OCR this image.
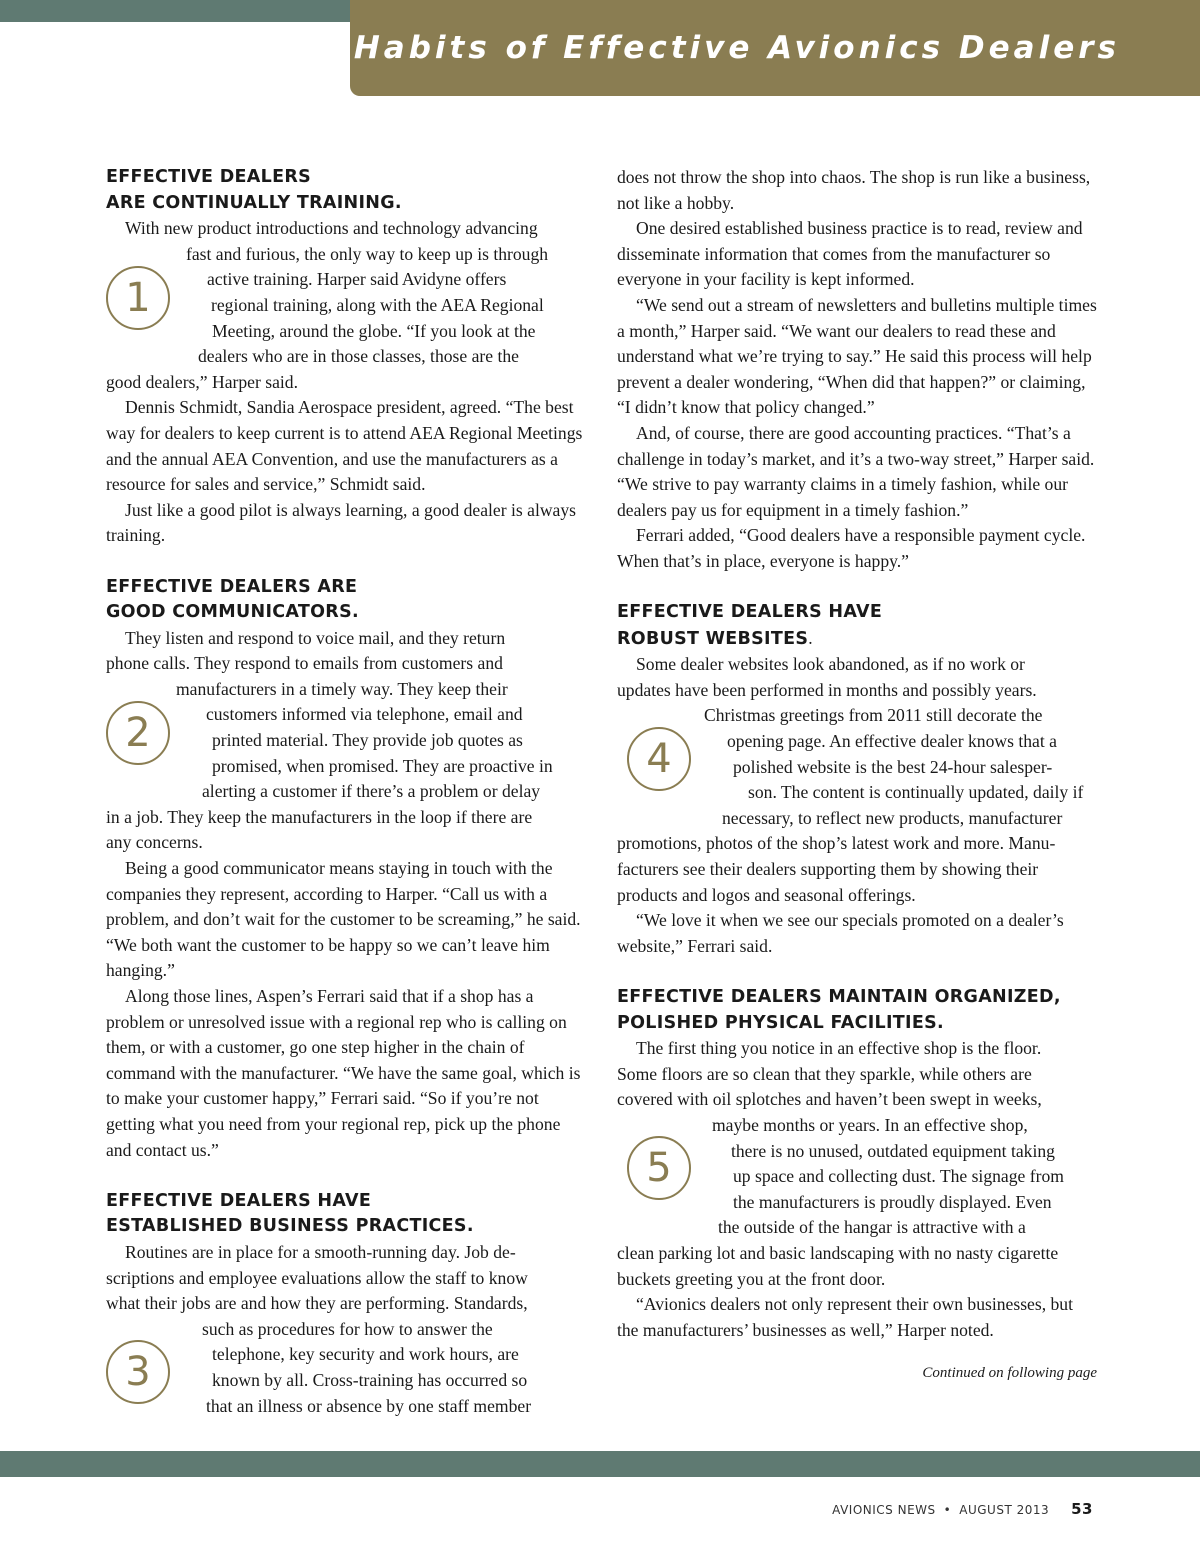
Seven Habits of Effective Avionics Dealers
EFFECTIVE DEALERS
ARE CONTINUALLY TRAINING.
1
With new product introductions and technology advancing
fast and furious, the only way to keep up is through
active training. Harper said Avidyne offers
regional training, along with the AEA Regional
Meeting, around the globe. “If you look at the
dealers who are in those classes, those are the
good dealers,” Harper said.

Dennis Schmidt, Sandia Aerospace president, agreed. “The best way for dealers to keep current is to attend AEA Regional Meetings and the annual AEA Convention, and use the manufacturers as a resource for sales and service,” Schmidt said.

Just like a good pilot is always learning, a good dealer is always training.

EFFECTIVE DEALERS ARE
GOOD COMMUNICATORS.
2
They listen and respond to voice mail, and they return
phone calls. They respond to emails from customers and
manufacturers in a timely way. They keep their
customers informed via telephone, email and
printed material. They provide job quotes as
promised, when promised. They are proactive in
alerting a customer if there’s a problem or delay
in a job. They keep the manufacturers in the loop if there are
any concerns.

Being a good communicator means staying in touch with the companies they represent, according to Harper. “Call us with a problem, and don’t wait for the customer to be screaming,” he said. “We both want the customer to be happy so we can’t leave him hanging.”

Along those lines, Aspen’s Ferrari said that if a shop has a problem or unresolved issue with a regional rep who is calling on them, or with a customer, go one step higher in the chain of command with the manufacturer. “We have the same goal, which is to make your customer happy,” Ferrari said. “So if you’re not getting what you need from your regional rep, pick up the phone and contact us.”

EFFECTIVE DEALERS HAVE
ESTABLISHED BUSINESS PRACTICES.
3
Routines are in place for a smooth-running day. Job de-
scriptions and employee evaluations allow the staff to know
what their jobs are and how they are performing. Standards,
such as procedures for how to answer the
telephone, key security and work hours, are
known by all. Cross-training has occurred so
that an illness or absence by one staff member

does not throw the shop into chaos. The shop is run like a business, not like a hobby.

One desired established business practice is to read, review and disseminate information that comes from the manufacturer so everyone in your facility is kept informed.

“We send out a stream of newsletters and bulletins multiple times a month,” Harper said. “We want our dealers to read these and understand what we’re trying to say.” He said this process will help prevent a dealer wondering, “When did that happen?” or claiming, “I didn’t know that policy changed.”

And, of course, there are good accounting practices. “That’s a challenge in today’s market, and it’s a two-way street,” Harper said. “We strive to pay warranty claims in a timely fashion, while our dealers pay us for equipment in a timely fashion.”

Ferrari added, “Good dealers have a responsible payment cycle. When that’s in place, everyone is happy.”

EFFECTIVE DEALERS HAVE
ROBUST WEBSITES.
4
Some dealer websites look abandoned, as if no work or
updates have been performed in months and possibly years.
Christmas greetings from 2011 still decorate the
opening page. An effective dealer knows that a
polished website is the best 24-hour salesper-
son. The content is continually updated, daily if
necessary, to reflect new products, manufacturer
promotions, photos of the shop’s latest work and more. Manu-
facturers see their dealers supporting them by showing their
products and logos and seasonal offerings.

“We love it when we see our specials promoted on a dealer’s website,” Ferrari said.

EFFECTIVE DEALERS MAINTAIN ORGANIZED,
POLISHED PHYSICAL FACILITIES.
5
The first thing you notice in an effective shop is the floor.
Some floors are so clean that they sparkle, while others are
covered with oil splotches and haven’t been swept in weeks,
maybe months or years. In an effective shop,
there is no unused, outdated equipment taking
up space and collecting dust. The signage from
the manufacturers is proudly displayed. Even
the outside of the hangar is attractive with a
clean parking lot and basic landscaping with no nasty cigarette
buckets greeting you at the front door.

“Avionics dealers not only represent their own businesses, but the manufacturers’ businesses as well,” Harper noted.

Continued on following page
AVIONICS NEWS • AUGUST 2013 53
